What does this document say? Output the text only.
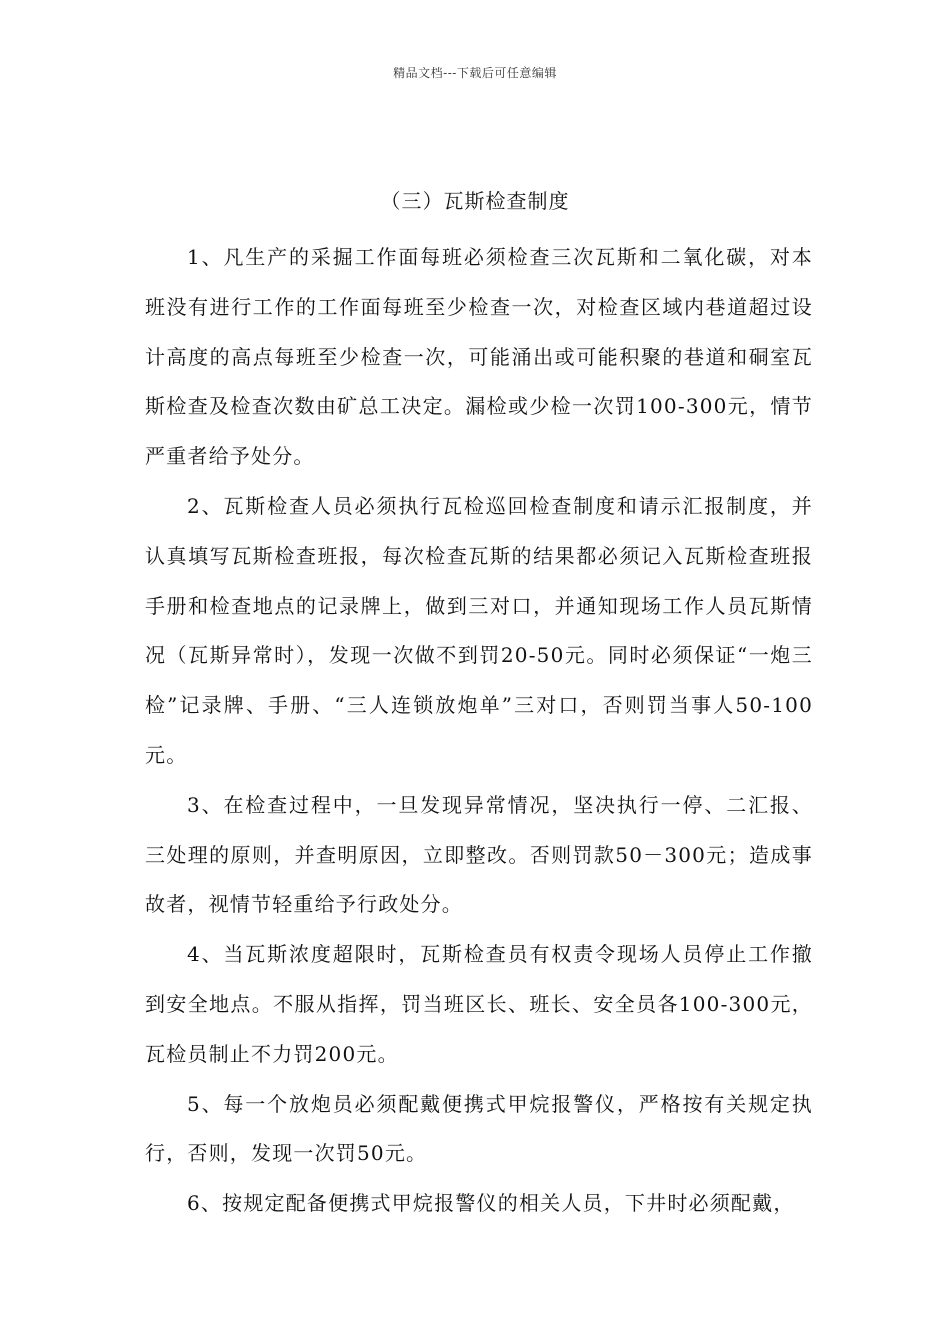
精品文档---下载后可任意编辑
（三）瓦斯检查制度

1、凡生产的采掘工作面每班必须检查三次瓦斯和二氧化碳，对本班没有进行工作的工作面每班至少检查一次，对检查区域内巷道超过设计高度的高点每班至少检查一次，可能涌出或可能积聚的巷道和硐室瓦斯检查及检查次数由矿总工决定。漏检或少检一次罚100-300元，情节严重者给予处分。

2、瓦斯检查人员必须执行瓦检巡回检查制度和请示汇报制度，并认真填写瓦斯检查班报，每次检查瓦斯的结果都必须记入瓦斯检查班报手册和检查地点的记录牌上，做到三对口，并通知现场工作人员瓦斯情况（瓦斯异常时），发现一次做不到罚20-50元。同时必须保证“一炮三检”记录牌、手册、“三人连锁放炮单”三对口，否则罚当事人50-100元。

3、在检查过程中，一旦发现异常情况，坚决执行一停、二汇报、三处理的原则，并查明原因，立即整改。否则罚款50－300元；造成事故者，视情节轻重给予行政处分。

4、当瓦斯浓度超限时，瓦斯检查员有权责令现场人员停止工作撤到安全地点。不服从指挥，罚当班区长、班长、安全员各100-300元，瓦检员制止不力罚200元。

5、每一个放炮员必须配戴便携式甲烷报警仪，严格按有关规定执行，否则，发现一次罚50元。

6、按规定配备便携式甲烷报警仪的相关人员，下井时必须配戴，
